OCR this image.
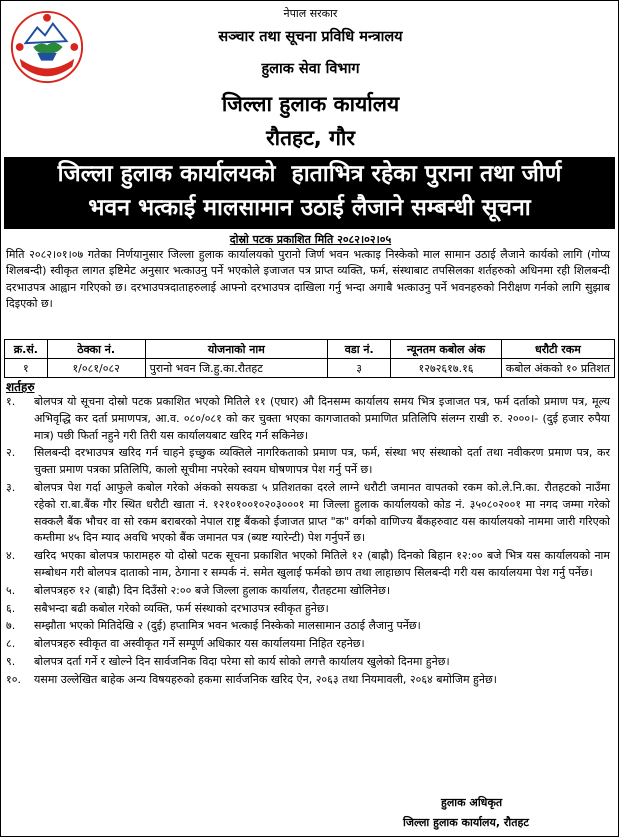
नेपाल सरकार
सञ्चार तथा सूचना प्रविधि मन्त्रालय
हुलाक सेवा विभाग
जिल्ला हुलाक कार्यालय
रौतहट, गौर
जिल्ला हुलाक कार्यालयको  हाताभित्र रहेका पुराना तथा जीर्ण
भवन भत्काई मालसामान उठाई लैजाने सम्बन्धी सूचना
दोस्रो पटक प्रकाशित मिति २०८२।०२।०५
मिति २०८२।०१।०७ गतेका निर्णयानुसार जिल्ला हुलाक कार्यालयको पुरानो जिर्ण भवन भत्काइ निस्केको माल सामान उठाई लैजाने कार्यको लागि (गोप्य शिलबन्दी) स्वीकृत लागत इष्टिमेट अनुसार भत्काउनु पर्ने भएकोले इजाजत पत्र प्राप्त व्यक्ति, फर्म, संस्थाबाट तपसिलका शर्तहरुको अधिनमा रही शिलबन्दी दरभाउपत्र आह्वान गरिएको छ। दरभाउपत्रदाताहरुलाई आफ्नो दरभाउपत्र दाखिला गर्नु भन्दा अगाबै भत्काउनु पर्ने भवनहरुको निरीक्षण गर्नको लागि सुझाब दिइएको छ।
क्र.सं.	ठेक्का नं.	योजनाको नाम	वडा नं.	न्यूनतम कबोल अंक	धरौटी रकम
१	१/०८१/०८२	पुरानो भवन जि.हु.का.रौतहट	३	१२७२६१७.१६	कबोल अंकको १० प्रतिशत
शर्तहरु
१.	बोलपत्र यो सूचना दोस्रो पटक प्रकाशित भएको मितिले ११ (एघार) औ दिनसम्म कार्यालय समय भित्र इजाजत पत्र, फर्म दर्ताको प्रमाण पत्र, मूल्य अभिवृद्धि कर दर्ता प्रमाणपत्र, आ.व. ०८०/०८१ को कर चुक्ता भएका कागजातको प्रमाणित प्रतिलिपि संलग्न राखी रु. २०००।- (दुई हजार रुपैया मात्र) पछी फिर्ता नहुने गरी तिरी यस कार्यालयबाट खरिद गर्न सकिनेछ।
२.	सिलबन्दी दरभाउपत्र खरिद गर्न चाहने इच्छुक व्यक्तिले नागरिकताको प्रमाण पत्र, फर्म, संस्था भए संस्थाको दर्ता तथा नवीकरण प्रमाण पत्र, कर चुक्ता प्रमाण पत्रका प्रतिलिपि, कालो सूचीमा नपरेको स्वयम घोषणापत्र पेश गर्नु पर्ने छ।
३.	बोलपत्र पेश गर्दा आफुले कबोल गरेको अंकको सयकडा ५ प्रतिशतका दरले लाग्ने धरौटी जमानत वापतको रकम को.ले.नि.का. रौतहटको नाउँमा रहेको रा.बा.बैंक गौर स्थित धरौटी खाता नं. १२१०१००१०२०३०००१ मा जिल्ला हुलाक कार्यालयको कोड नं. ३५०८०२००१ मा नगद जम्मा गरेको सक्कलै बैंक भौचर वा सो रकम बराबरको नेपाल राष्ट्र बैंकको ईजाजत प्राप्त "क" वर्गको वाणिज्य बैंकहरुवाट यस कार्यालयको नाममा जारी गरिएको कम्तीमा ४५ दिन म्याद अवधि भएको बैंक जमानत पत्र (ब्यष्ट ग्यारेन्टी) पेश गर्नुपर्ने छ।
४.	खरिद भएका बोलपत्र फारामहरु यो दोस्रो पटक सूचना प्रकाशित भएको मितिले १२ (बाह्रौ) दिनको बिहान १२:०० बजे भित्र यस कार्यालयको नाम सम्बोधन गरी बोलपत्र दाताको नाम, ठेगाना र सम्पर्क नं. समेत खुलाई फर्मको छाप तथा लाहाछाप सिलबन्दी गरी यस कार्यालयमा पेश गर्नु पर्नेछ।
५.	बोलपत्रहरु १२ (बाह्रौ) दिन दिउँसो २:०० बजे जिल्ला हुलाक कार्यालय, रौतहटमा खोलिनेछ।
६.	सबैभन्दा बढी कबोल गरेको व्यक्ति, फर्म संस्थाको दरभाउपत्र स्वीकृत हुनेछ।
७.	सम्झौता भएको मितिदेखि २ (दुई) हप्तामित्र भवन भत्काई निस्केको मालसामान उठाई लैजानु पर्नेछ।
८.	बोलपत्रहरु स्वीकृत वा अस्वीकृत गर्ने सम्पूर्ण अधिकार यस कार्यालयमा निहित रहनेछ।
९.	बोलपत्र दर्ता गर्ने र खोल्ने दिन सार्वजनिक विदा परेमा सो कार्य सोको लगत्तै कार्यालय खुलेको दिनमा हुनेछ।
१०.	यसमा उल्लेखित बाहेक अन्य विषयहरुको हकमा सार्वजनिक खरिद ऐन, २०६३ तथा नियमावली, २०६४ बमोजिम हुनेछ।
हुलाक अधिकृत
जिल्ला हुलाक कार्यालय, रौतहट
